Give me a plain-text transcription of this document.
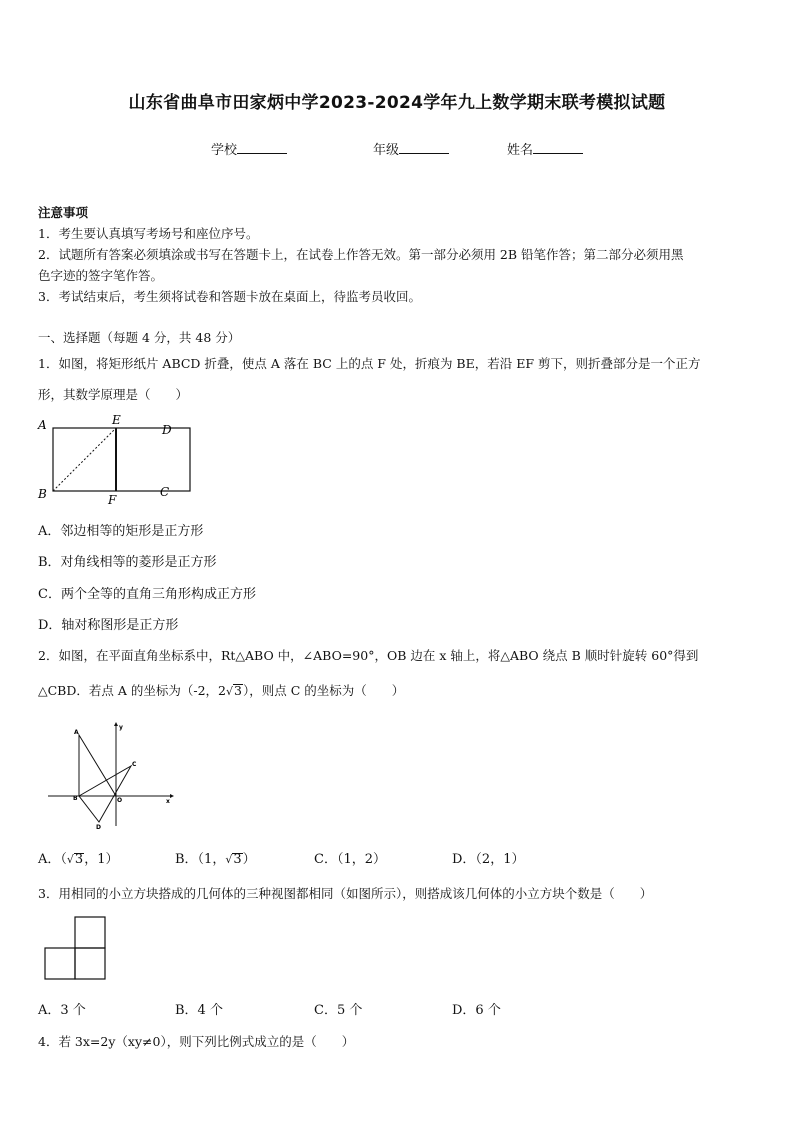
山东省曲阜市田家炳中学2023-2024学年九上数学期末联考模拟试题
学校	年级	姓名
注意事项
1．考生要认真填写考场号和座位序号。
2．试题所有答案必须填涂或书写在答题卡上，在试卷上作答无效。第一部分必须用 2B 铅笔作答；第二部分必须用黑
色字迹的签字笔作答。
3．考试结束后，考生须将试卷和答题卡放在桌面上，待监考员收回。
一、选择题（每题 4 分，共 48 分）
1．如图，将矩形纸片 ABCD 折叠，使点 A 落在 BC 上的点 F 处，折痕为 BE，若沿 EF 剪下，则折叠部分是一个正方
形，其数学原理是（　　）
A	E
D
B	F
C
A．邻边相等的矩形是正方形
B．对角线相等的菱形是正方形
C．两个全等的直角三角形构成正方形
D．轴对称图形是正方形
2．如图，在平面直角坐标系中，Rt△ABO 中，∠ABO=90°，OB 边在 x 轴上，将△ABO 绕点 B 顺时针旋转 60°得到
△CBD．若点 A 的坐标为（-2，2√3），则点 C 的坐标为（　　）
A
B	O
C
D
x
y
A．（√3，1）	B．（1，√3）	C．（1，2）	D．（2，1）
3．用相同的小立方块搭成的几何体的三种视图都相同（如图所示），则搭成该几何体的小立方块个数是（　　）
A．3 个	B．4 个	C．5 个	D．6 个
4．若 3x=2y（xy≠0），则下列比例式成立的是（　　）
